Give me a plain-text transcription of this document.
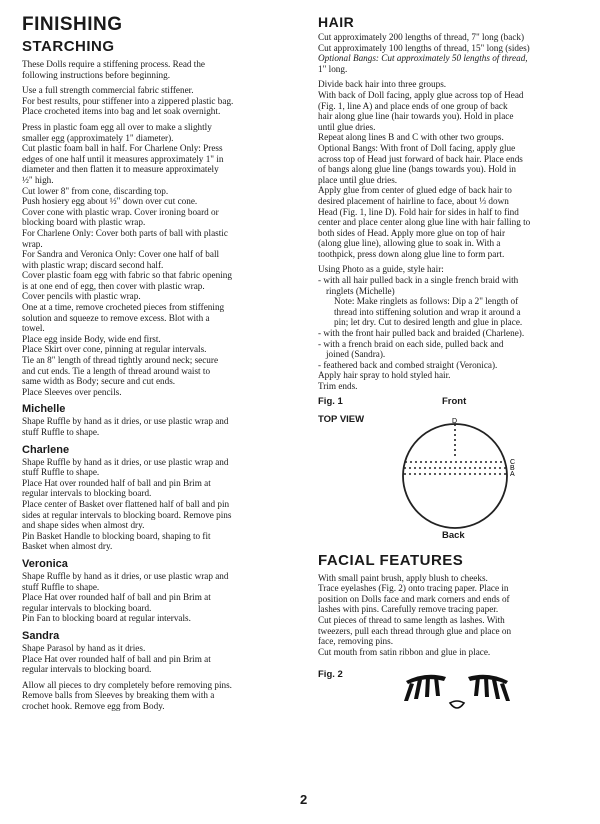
FINISHING
STARCHING

These Dolls require a stiffening process. Read the

following instructions before beginning.

Use a full strength commercial fabric stiffener.

For best results, pour stiffener into a zippered plastic bag.

Place crocheted items into bag and let soak overnight.

Press in plastic foam egg all over to make a slightly

smaller egg (approximately 1" diameter).

Cut plastic foam ball in half. For Charlene Only: Press

edges of one half until it measures approximately 1" in

diameter and then flatten it to measure approximately

½" high.

Cut lower 8" from cone, discarding top.

Push hosiery egg about ½" down over cut cone.

Cover cone with plastic wrap. Cover ironing board or

blocking board with plastic wrap.

For Charlene Only: Cover both parts of ball with plastic

wrap.

For Sandra and Veronica Only: Cover one half of ball

with plastic wrap; discard second half.

Cover plastic foam egg with fabric so that fabric opening

is at one end of egg, then cover with plastic wrap.

Cover pencils with plastic wrap.

One at a time, remove crocheted pieces from stiffening

solution and squeeze to remove excess. Blot with a

towel.

Place egg inside Body, wide end first.

Place Skirt over cone, pinning at regular intervals.

Tie an 8" length of thread tightly around neck; secure

and cut ends. Tie a length of thread around waist to

same width as Body; secure and cut ends.

Place Sleeves over pencils.

Michelle

Shape Ruffle by hand as it dries, or use plastic wrap and

stuff Ruffle to shape.

Charlene

Shape Ruffle by hand as it dries, or use plastic wrap and

stuff Ruffle to shape.

Place Hat over rounded half of ball and pin Brim at

regular intervals to blocking board.

Place center of Basket over flattened half of ball and pin

sides at regular intervals to blocking board. Remove pins

and shape sides when almost dry.

Pin Basket Handle to blocking board, shaping to fit

Basket when almost dry.

Veronica

Shape Ruffle by hand as it dries, or use plastic wrap and

stuff Ruffle to shape.

Place Hat over rounded half of ball and pin Brim at

regular intervals to blocking board.

Pin Fan to blocking board at regular intervals.

Sandra

Shape Parasol by hand as it dries.

Place Hat over rounded half of ball and pin Brim at

regular intervals to blocking board.

Allow all pieces to dry completely before removing pins.

Remove balls from Sleeves by breaking them with a

crochet hook. Remove egg from Body.

HAIR

Cut approximately 200 lengths of thread, 7" long (back)

Cut approximately 100 lengths of thread, 15" long (sides)

Optional Bangs: Cut approximately 50 lengths of thread,

1" long.

Divide back hair into three groups.

With back of Doll facing, apply glue across top of Head

(Fig. 1, line A) and place ends of one group of back

hair along glue line (hair towards you). Hold in place

until glue dries.

Repeat along lines B and C with other two groups.

Optional Bangs: With front of Doll facing, apply glue

across top of Head just forward of back hair. Place ends

of bangs along glue line (bangs towards you). Hold in

place until glue dries.

Apply glue from center of glued edge of back hair to

desired placement of hairline to face, about ⅓ down

Head (Fig. 1, line D). Fold hair for sides in half to find

center and place center along glue line with hair falling to

both sides of Head. Apply more glue on top of hair

(along glue line), allowing glue to soak in. With a

toothpick, press down along glue line to form part.

Using Photo as a guide, style hair:

- with all hair pulled back in a single french braid with

ringlets (Michelle)

Note: Make ringlets as follows: Dip a 2" length of

thread into stiffening solution and wrap it around a

pin; let dry. Cut to desired length and glue in place.

- with the front hair pulled back and braided (Charlene).

- with a french braid on each side, pulled back and

joined (Sandra).

- feathered back and combed straight (Veronica).

Apply hair spray to hold styled hair.

Trim ends.

Fig. 1	Front
TOP VIEW	D
C
B
A
Back
FACIAL FEATURES

With small paint brush, apply blush to cheeks.

Trace eyelashes (Fig. 2) onto tracing paper. Place in

position on Dolls face and mark corners and ends of

lashes with pins. Carefully remove tracing paper.

Cut pieces of thread to same length as lashes. With

tweezers, pull each thread through glue and place on

face, removing pins.

Cut mouth from satin ribbon and glue in place.

Fig. 2
2
